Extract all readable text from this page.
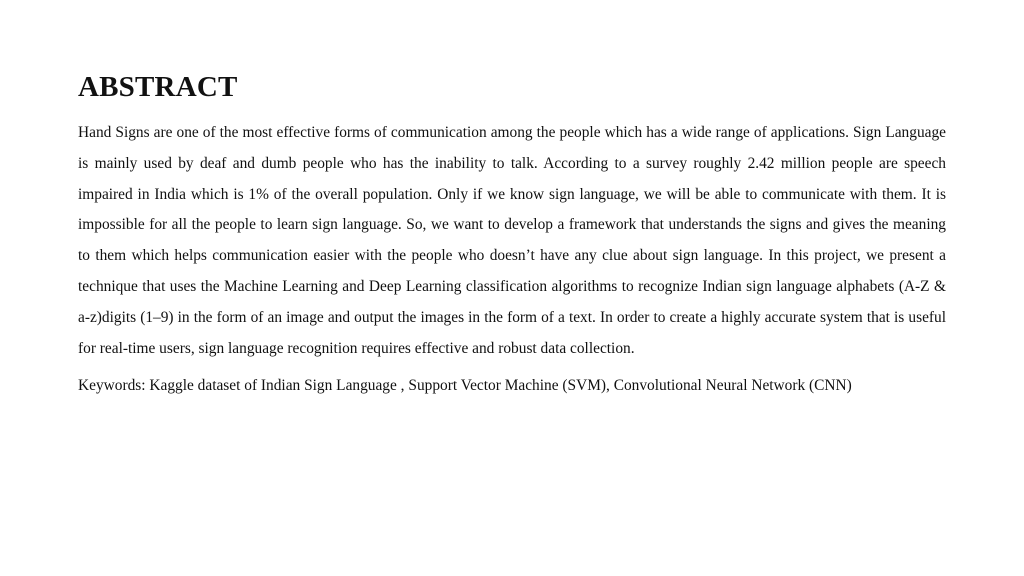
ABSTRACT

Hand Signs are one of the most effective forms of communication among the people which has a wide range of applications. Sign Language is mainly used by deaf and dumb people who has the inability to talk. According to a survey roughly 2.42 million people are speech impaired in India which is 1% of the overall population. Only if we know sign language, we will be able to communicate with them. It is impossible for all the people to learn sign language. So, we want to develop a framework that understands the signs and gives the meaning to them which helps communication easier with the people who doesn’t have any clue about sign language. In this project, we present a technique that uses the Machine Learning and Deep Learning classification algorithms to recognize Indian sign language alphabets (A-Z & a-z)digits (1–9) in the form of an image and output the images in the form of a text. In order to create a highly accurate system that is useful for real-time users, sign language recognition requires effective and robust data collection.

Keywords: Kaggle dataset of Indian Sign Language , Support Vector Machine (SVM), Convolutional Neural Network (CNN)
